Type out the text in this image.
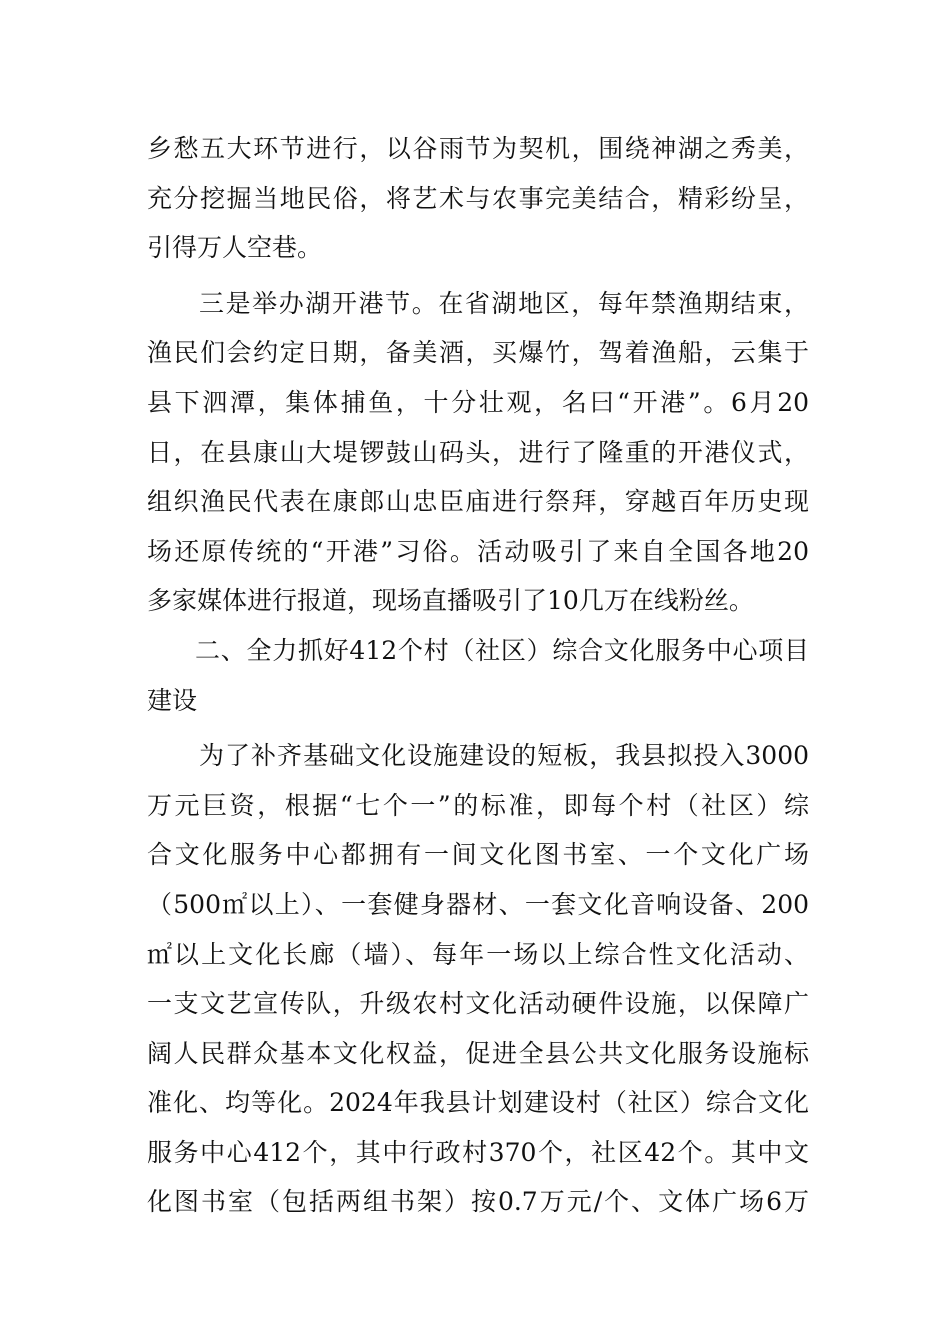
乡愁五大环节进行，以谷雨节为契机，围绕神湖之秀美，
充分挖掘当地民俗，将艺术与农事完美结合，精彩纷呈，
引得万人空巷。
三是举办湖开港节。在省湖地区，每年禁渔期结束，
渔民们会约定日期，备美酒，买爆竹，驾着渔船，云集于
县下泗潭，集体捕鱼，十分壮观，名曰“开港”。6月20
日，在县康山大堤锣鼓山码头，进行了隆重的开港仪式，
组织渔民代表在康郎山忠臣庙进行祭拜，穿越百年历史现
场还原传统的“开港”习俗。活动吸引了来自全国各地20
多家媒体进行报道，现场直播吸引了10几万在线粉丝。
二、全力抓好412个村（社区）综合文化服务中心项目
建设
为了补齐基础文化设施建设的短板，我县拟投入3000
万元巨资，根据“七个一”的标准，即每个村（社区）综
合文化服务中心都拥有一间文化图书室、一个文化广场
（500㎡以上）、一套健身器材、一套文化音响设备、200
㎡以上文化长廊（墙）、每年一场以上综合性文化活动、
一支文艺宣传队，升级农村文化活动硬件设施，以保障广
阔人民群众基本文化权益，促进全县公共文化服务设施标
准化、均等化。2024年我县计划建设村（社区）综合文化
服务中心412个，其中行政村370个，社区42个。其中文
化图书室（包括两组书架）按0.7万元/个、文体广场6万
